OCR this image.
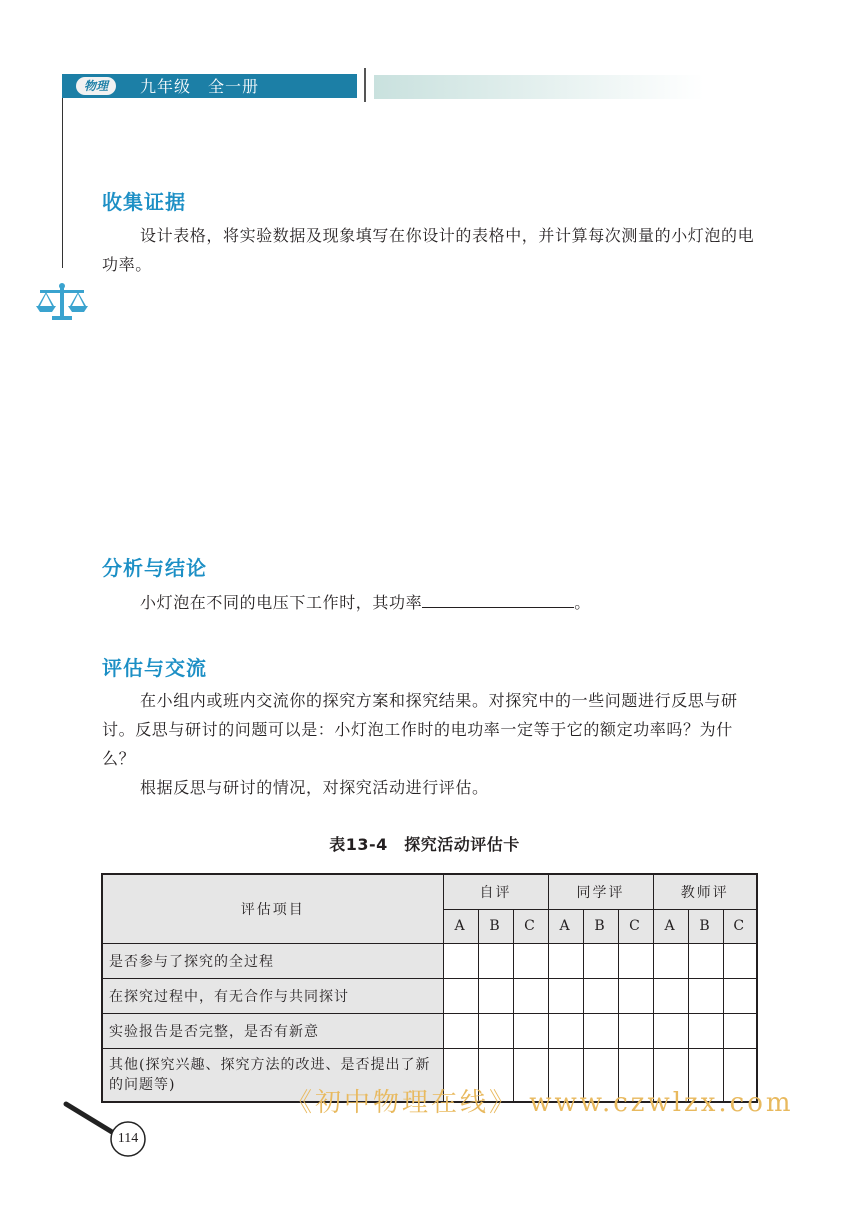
物理	九年级　全一册
收集证据
设计表格，将实验数据及现象填写在你设计的表格中，并计算每次测量的小灯泡的电功率。
分析与结论
小灯泡在不同的电压下工作时，其功率	。
评估与交流
在小组内或班内交流你的探究方案和探究结果。对探究中的一些问题进行反思与研讨。反思与研讨的问题可以是：小灯泡工作时的电功率一定等于它的额定功率吗？为什么？
根据反思与研讨的情况，对探究活动进行评估。
表13-4　探究活动评估卡
评估项目	自评			同学评			教师评		
	A	B	C	A	B	C	A	B	C
是否参与了探究的全过程									
在探究过程中，有无合作与共同探讨									
实验报告是否完整，是否有新意									
其他(探究兴趣、探究方法的改进、是否提出了新的问题等)									
《初中物理在线》 www.czwlzx.com
114
